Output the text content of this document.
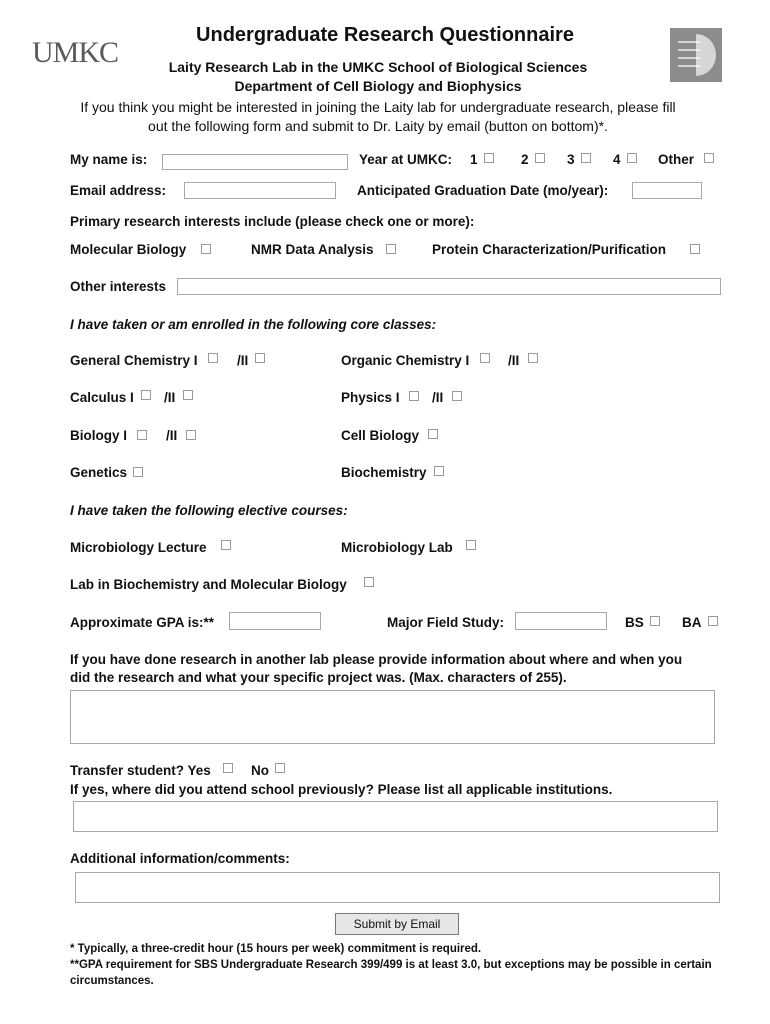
UMKC
Undergraduate Research Questionnaire
Laity Research Lab in the UMKC School of Biological Sciences
Department of Cell Biology and Biophysics
If you think you might be interested in joining the Laity lab for undergraduate research, please fill
out the following form and submit to Dr. Laity by email (button on bottom)*.
My name is:	Year at UMKC: 1	2	3	4	Other
Email address:	Anticipated Graduation Date (mo/year):
Primary research interests include (please check one or more):
Molecular Biology	NMR Data Analysis	Protein Characterization/Purification
Other interests
I have taken or am enrolled in the following core classes:
General Chemistry I	/II	Organic Chemistry I	/II
Calculus I /II	Physics I /II
Biology I	/II	Cell Biology
Genetics	Biochemistry
I have taken the following elective courses:
Microbiology Lecture	Microbiology Lab
Lab in Biochemistry and Molecular Biology
Approximate GPA is:**	Major Field Study:	BS	BA
If you have done research in another lab please provide information about where and when you
did the research and what your specific project was. (Max. characters of 255).
Transfer student? Yes	No
If yes, where did you attend school previously? Please list all applicable institutions.
Additional information/comments:
Submit by Email
* Typically, a three-credit hour (15 hours per week) commitment is required.
**GPA requirement for SBS Undergraduate Research 399/499 is at least 3.0, but exceptions may be possible in certain
circumstances.
